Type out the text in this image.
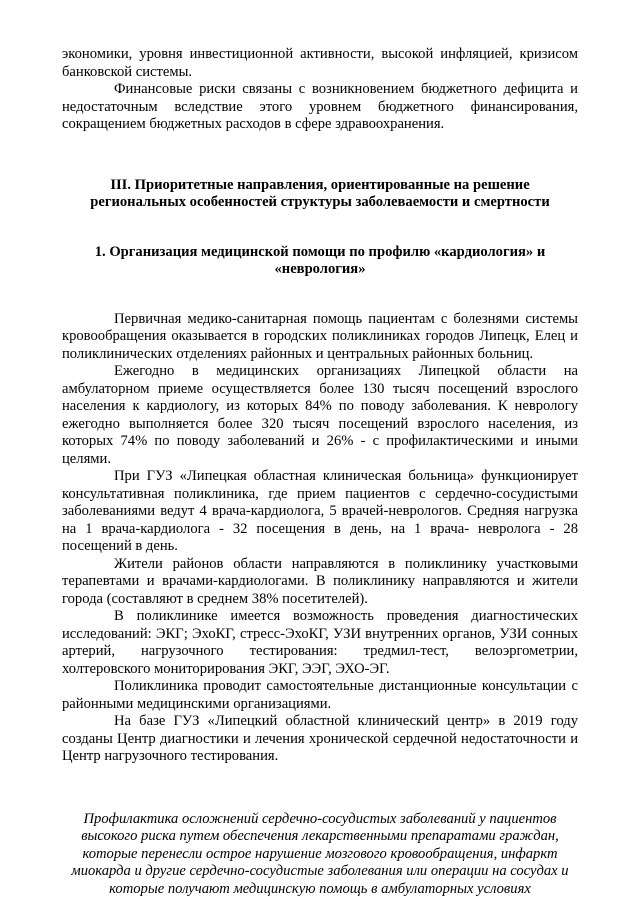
экономики, уровня инвестиционной активности, высокой инфляцией, кризисом банковской системы.

Финансовые риски связаны с возникновением бюджетного дефицита и недостаточным вследствие этого уровнем бюджетного финансирования, сокращением бюджетных расходов в сфере здравоохранения.

III. Приоритетные направления, ориентированные на решение региональных особенностей структуры заболеваемости и смертности

1. Организация медицинской помощи по профилю «кардиология» и «неврология»

Первичная медико-санитарная помощь пациентам с болезнями системы кровообращения оказывается в городских поликлиниках городов Липецк, Елец и поликлинических отделениях районных и центральных районных больниц.

Ежегодно в медицинских организациях Липецкой области на амбулаторном приеме осуществляется более 130 тысяч посещений взрослого населения к кардиологу, из которых 84% по поводу заболевания. К неврологу ежегодно выполняется более 320 тысяч посещений взрослого населения, из которых 74% по поводу заболеваний и 26% - с профилактическими и иными целями.

При ГУЗ «Липецкая областная клиническая больница» функционирует консультативная поликлиника, где прием пациентов с сердечно-сосудистыми заболеваниями ведут 4 врача-кардиолога, 5 врачей-неврологов. Средняя нагрузка на 1 врача-кардиолога - 32 посещения в день, на 1 врача- невролога - 28 посещений в день.

Жители районов области направляются в поликлинику участковыми терапевтами и врачами-кардиологами. В поликлинику направляются и жители города (составляют в среднем 38% посетителей).

В поликлинике имеется возможность проведения диагностических исследований: ЭКГ; ЭхоКГ, стресс-ЭхоКГ, УЗИ внутренних органов, УЗИ сонных артерий, нагрузочного тестирования: тредмил-тест, велоэргометрии, холтеровского мониторирования ЭКГ, ЭЭГ, ЭХО-ЭГ.

Поликлиника проводит самостоятельные дистанционные консультации с районными медицинскими организациями.

На базе ГУЗ «Липецкий областной клинический центр» в 2019 году созданы Центр диагностики и лечения хронической сердечной недостаточности и Центр нагрузочного тестирования.

Профилактика осложнений сердечно-сосудистых заболеваний у пациентов высокого риска путем обеспечения лекарственными препаратами граждан, которые перенесли острое нарушение мозгового кровообращения, инфаркт миокарда и другие сердечно-сосудистые заболевания или операции на сосудах и которые получают медицинскую помощь в амбулаторных условиях
